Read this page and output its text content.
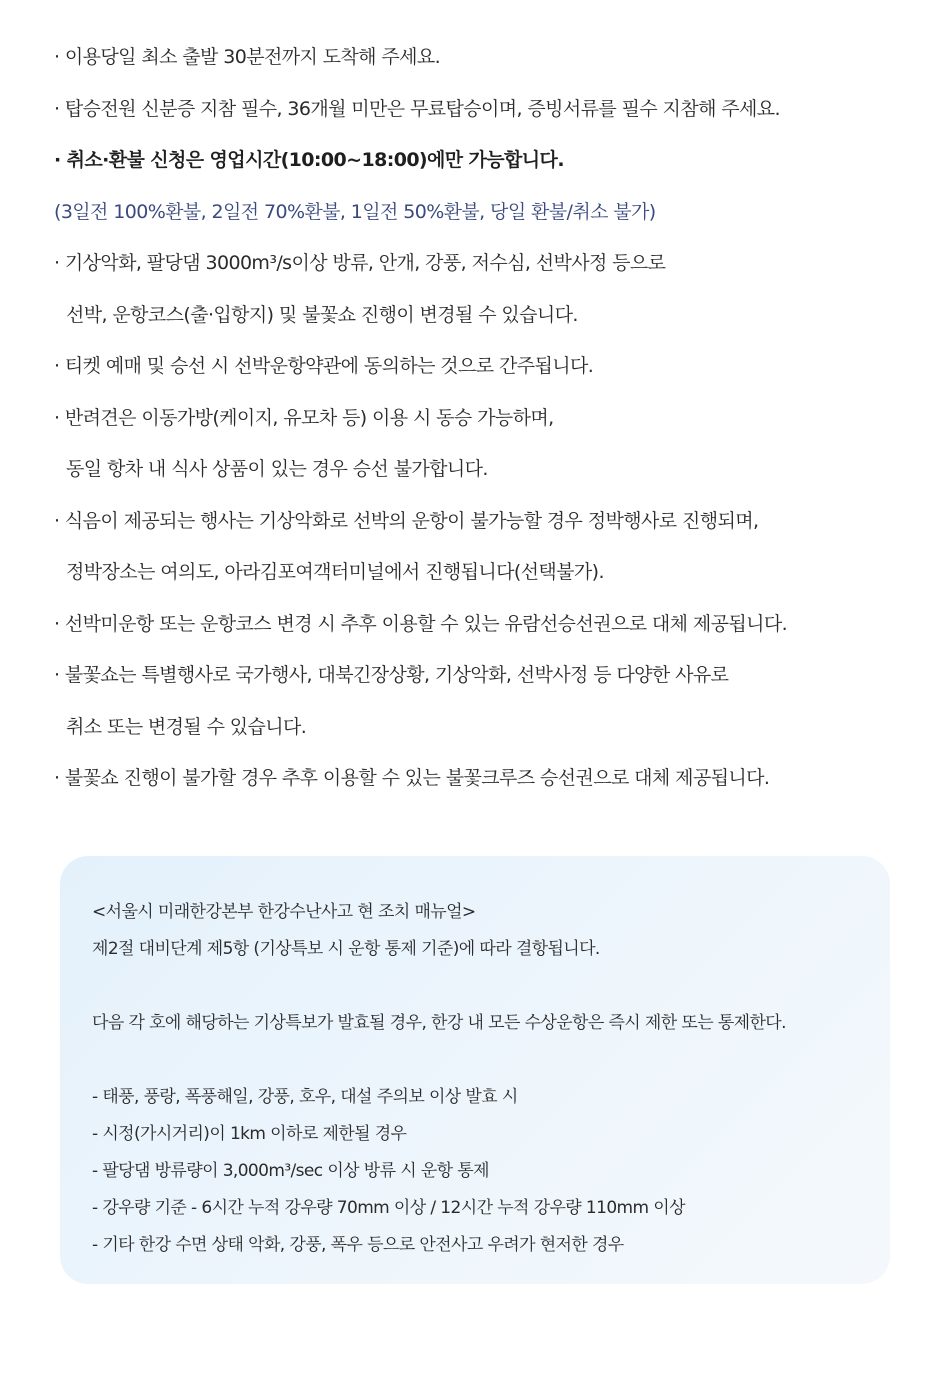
· 이용당일 최소 출발 30분전까지 도착해 주세요.
· 탑승전원 신분증 지참 필수, 36개월 미만은 무료탑승이며, 증빙서류를 필수 지참해 주세요.
· 취소·환불 신청은 영업시간(10:00~18:00)에만 가능합니다.
(3일전 100%환불, 2일전 70%환불, 1일전 50%환불, 당일 환불/취소 불가)
· 기상악화, 팔당댐 3000m³/s이상 방류, 안개, 강풍, 저수심, 선박사정 등으로
선박, 운항코스(출·입항지) 및 불꽃쇼 진행이 변경될 수 있습니다.
· 티켓 예매 및 승선 시 선박운항약관에 동의하는 것으로 간주됩니다.
· 반려견은 이동가방(케이지, 유모차 등) 이용 시 동승 가능하며,
동일 항차 내 식사 상품이 있는 경우 승선 불가합니다.
· 식음이 제공되는 행사는 기상악화로 선박의 운항이 불가능할 경우 정박행사로 진행되며,
정박장소는 여의도, 아라김포여객터미널에서 진행됩니다(선택불가).
· 선박미운항 또는 운항코스 변경 시 추후 이용할 수 있는 유람선승선권으로 대체 제공됩니다.
· 불꽃쇼는 특별행사로 국가행사, 대북긴장상황, 기상악화, 선박사정 등 다양한 사유로
취소 또는 변경될 수 있습니다.
· 불꽃쇼 진행이 불가할 경우 추후 이용할 수 있는 불꽃크루즈 승선권으로 대체 제공됩니다.
<서울시 미래한강본부 한강수난사고 현 조치 매뉴얼>
제2절 대비단계 제5항 (기상특보 시 운항 통제 기준)에 따라 결항됩니다.
다음 각 호에 해당하는 기상특보가 발효될 경우, 한강 내 모든 수상운항은 즉시 제한 또는 통제한다.
- 태풍, 풍랑, 폭풍해일, 강풍, 호우, 대설 주의보 이상 발효 시
- 시정(가시거리)이 1km 이하로 제한될 경우
- 팔당댐 방류량이 3,000m³/sec 이상 방류 시 운항 통제
- 강우량 기준 - 6시간 누적 강우량 70mm 이상 / 12시간 누적 강우량 110mm 이상
- 기타 한강 수면 상태 악화, 강풍, 폭우 등으로 안전사고 우려가 현저한 경우
